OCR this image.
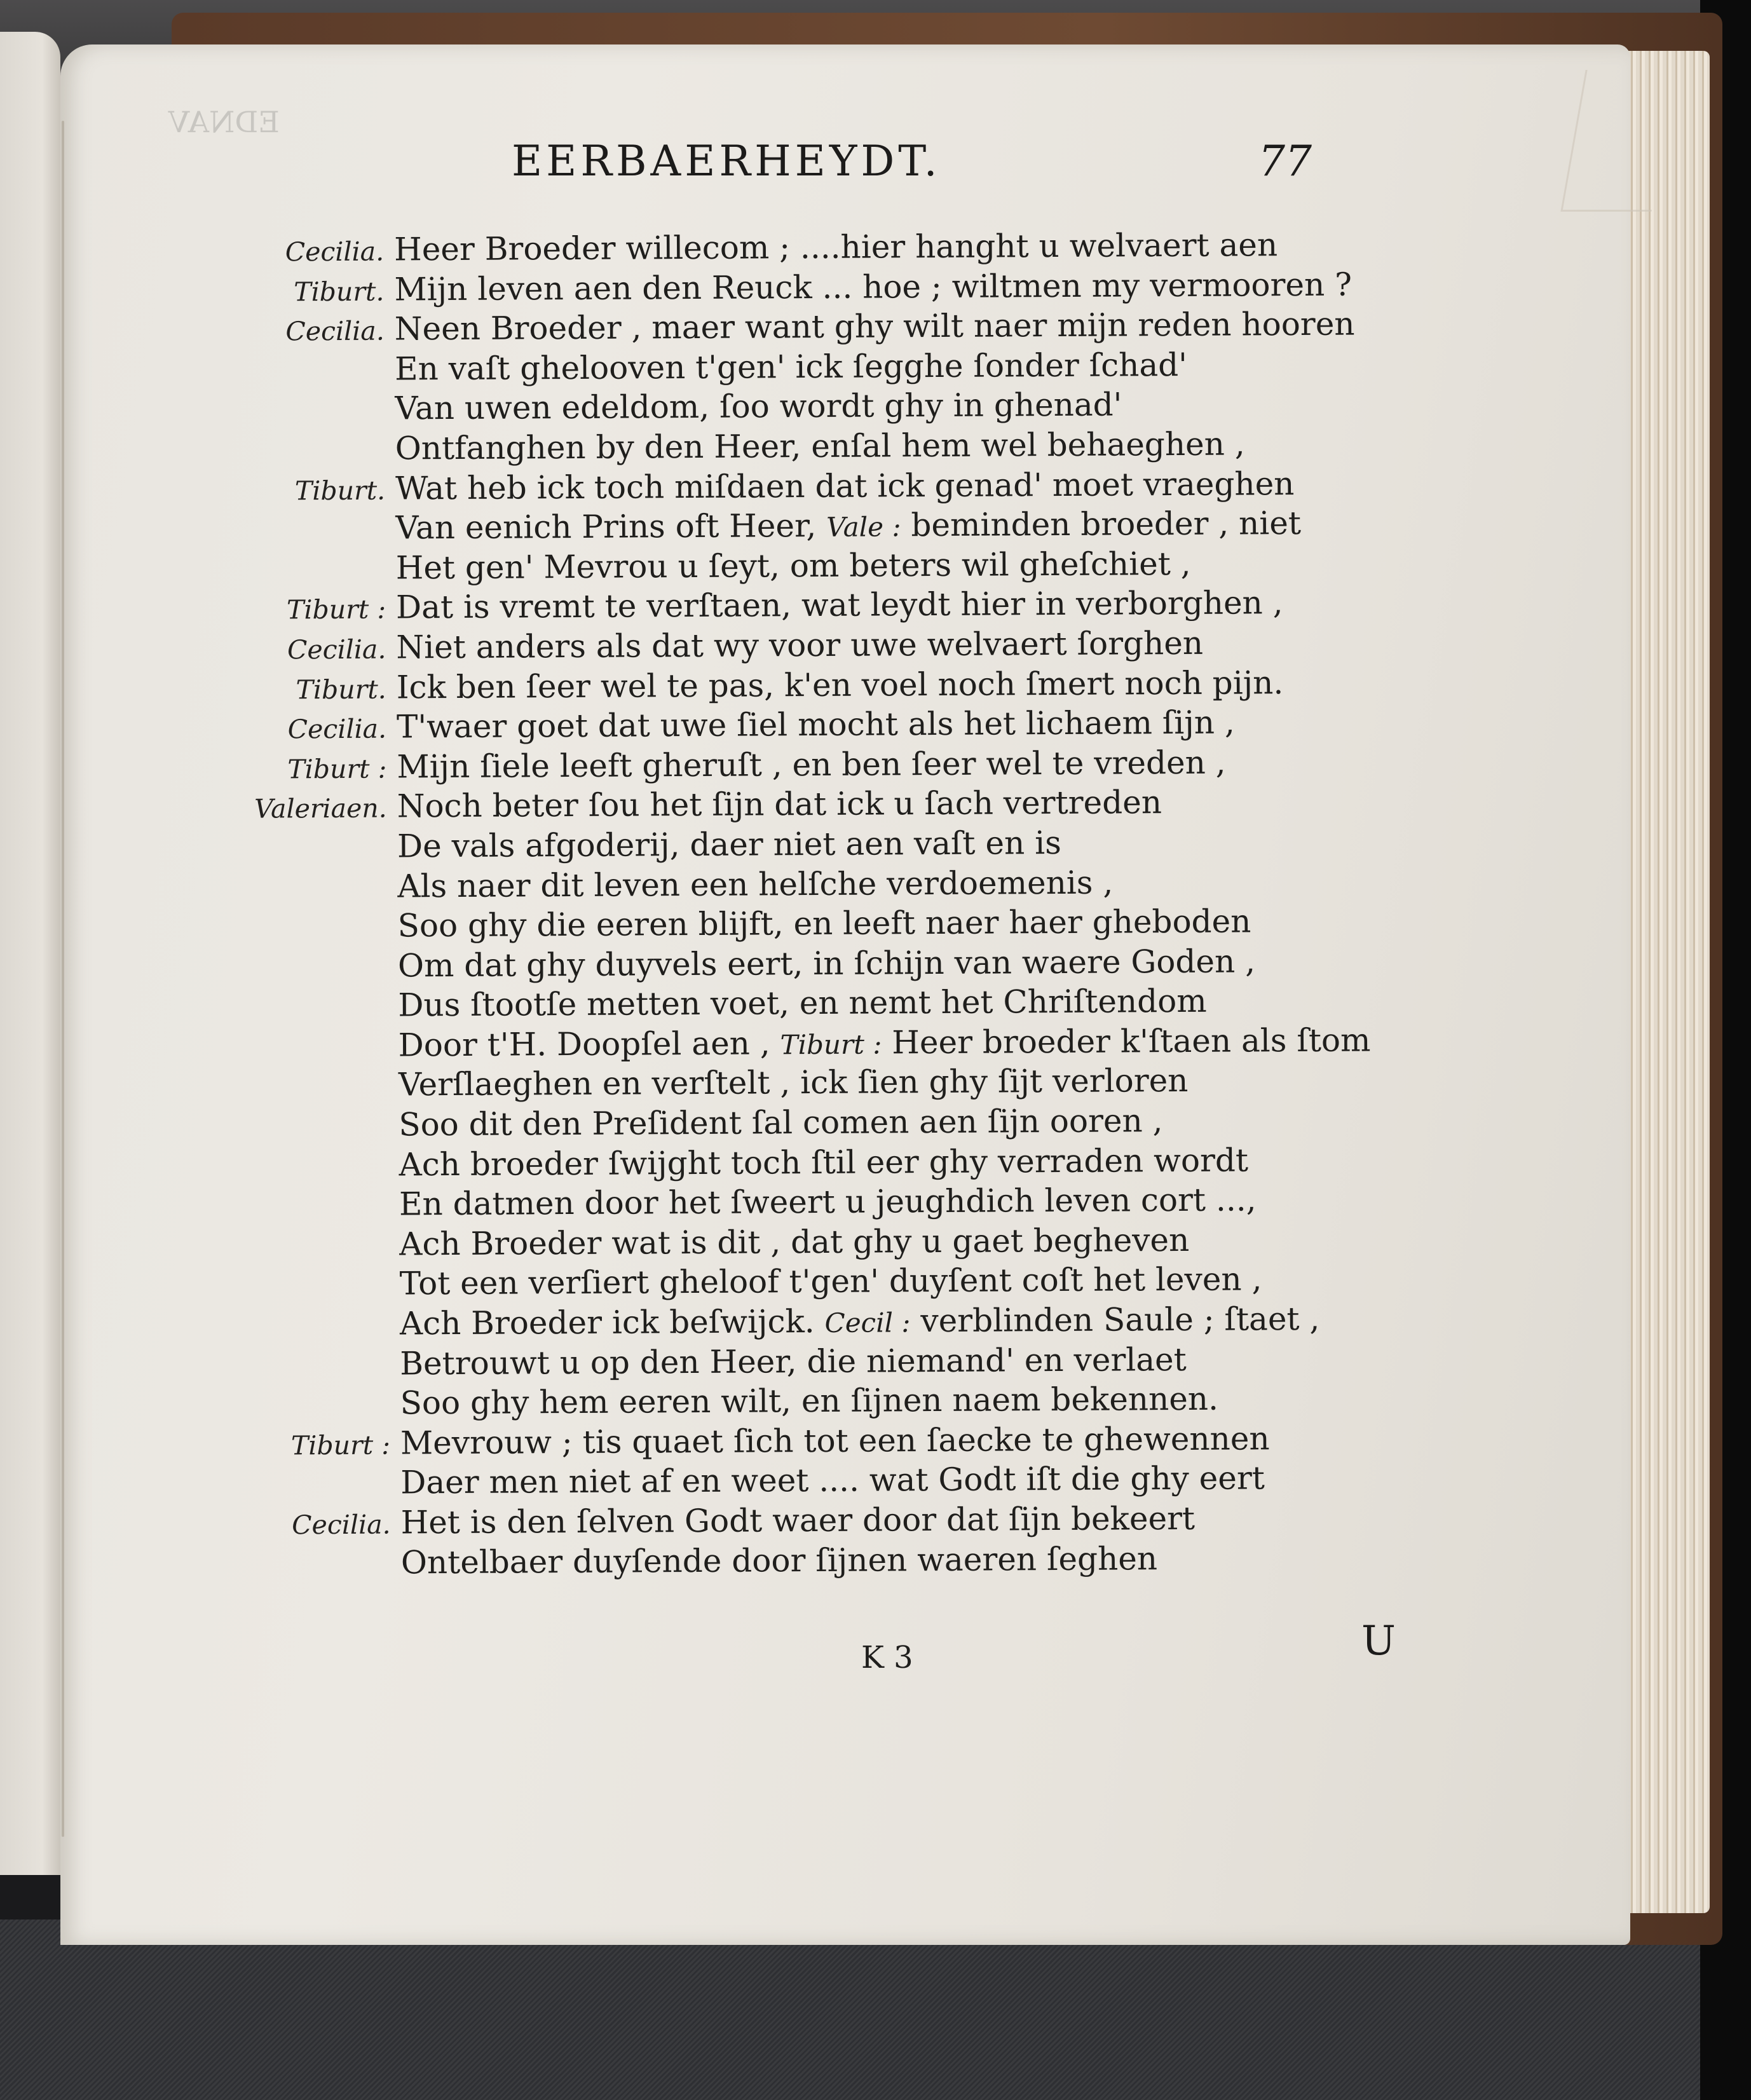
EDNAV
EERBAERHEYDT.	77
Cecilia. Heer Broeder willecom ; ....hier hanght u welvaert aen
Tiburt. Mijn leven aen den Reuck ... hoe ; wiltmen my vermooren ?
Cecilia. Neen Broeder , maer want ghy wilt naer mijn reden hooren
En vaſt ghelooven t'gen' ick ſegghe ſonder ſchad'
Van uwen edeldom, ſoo wordt ghy in ghenad'
Ontfanghen by den Heer, enſal hem wel behaeghen ,
Tiburt. Wat heb ick toch miſdaen dat ick genad' moet vraeghen
Van eenich Prins oft Heer, Vale : beminden broeder , niet
Het gen' Mevrou u ſeyt, om beters wil gheſchiet ,
Tiburt : Dat is vremt te verſtaen, wat leydt hier in verborghen ,
Cecilia. Niet anders als dat wy voor uwe welvaert ſorghen
Tiburt. Ick ben ſeer wel te pas, k'en voel noch ſmert noch pijn.
Cecilia. T'waer goet dat uwe ſiel mocht als het lichaem ſijn ,
Tiburt : Mijn ſiele leeft gheruſt , en ben ſeer wel te vreden ,
Valeriaen. Noch beter ſou het ſijn dat ick u ſach vertreden
De vals afgoderij, daer niet aen vaſt en is
Als naer dit leven een helſche verdoemenis ,
Soo ghy die eeren blijft, en leeft naer haer gheboden
Om dat ghy duyvels eert, in ſchijn van waere Goden ,
Dus ſtootſe metten voet, en nemt het Chriſtendom
Door t'H. Doopſel aen , Tiburt : Heer broeder k'ſtaen als ſtom
Verſlaeghen en verſtelt , ick ſien ghy ſijt verloren
Soo dit den Preſident ſal comen aen ſijn ooren ,
Ach broeder ſwijght toch ſtil eer ghy verraden wordt
En datmen door het ſweert u jeughdich leven cort ...,
Ach Broeder wat is dit , dat ghy u gaet begheven
Tot een verſiert gheloof t'gen' duyſent coſt het leven ,
Ach Broeder ick beſwijck. Cecil : verblinden Saule ; ſtaet ,
Betrouwt u op den Heer, die niemand' en verlaet
Soo ghy hem eeren wilt, en ſijnen naem bekennen.
Tiburt : Mevrouw ; tis quaet ſich tot een ſaecke te ghewennen
Daer men niet af en weet .... wat Godt iſt die ghy eert
Cecilia. Het is den ſelven Godt waer door dat ſijn bekeert
Ontelbaer duyſende door ſijnen waeren ſeghen
K 3	U
